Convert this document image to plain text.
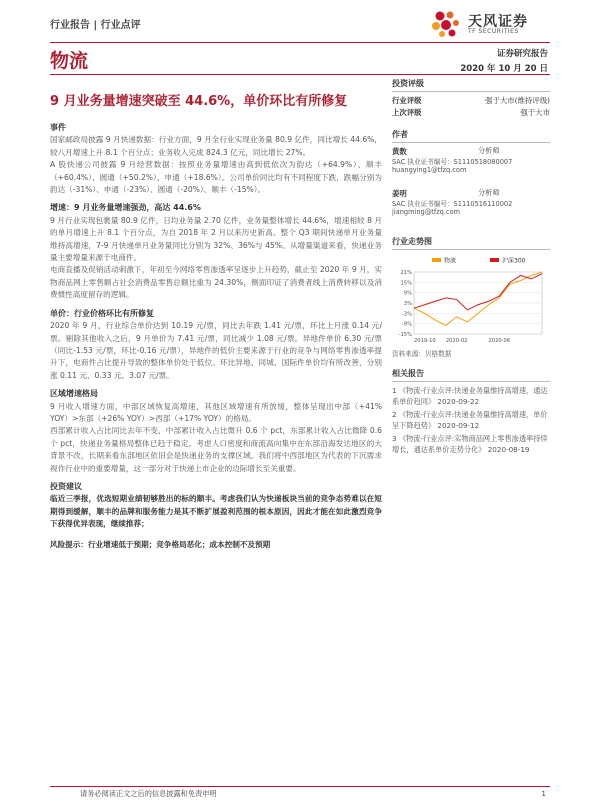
行业报告 | 行业点评	天风证券
TF SECURITIES
物流	证券研究报告
2020 年 10 月 20 日
9 月业务量增速突破至 44.6%，单价环比有所修复
事件

国家邮政局披露 9 月快递数据：行业方面，9 月全行业实现业务量 80.9 亿件，同比增长 44.6%，较八月增速上升 8.1 个百分点；业务收入完成 824.3 亿元，同比增长 27%。

A 股快递公司披露 9 月经营数据：按照业务量增速由高到低依次为韵达（+64.9%）、顺丰（+60.4%）、圆通（+50.2%）、申通（+18.6%）。公司单价同比均有不同程度下跌，跌幅分别为韵达（-31%）、申通（-23%）、圆通（-20%）、顺丰（-15%）。

增速：9 月业务量增速强劲，高达 44.6%

9 月行业实现包裹量 80.9 亿件，日均业务量 2.70 亿件，业务量整体增长 44.6%，增速相较 8 月的单月增速上升 8.1 个百分点，为自 2018 年 2 月以来历史新高。整个 Q3 期间快递单月业务量维持高增速，7-9 月快递单月业务量同比分别为 32%、36%与 45%。从增量渠道来看，快递业务量主要增量来源于电商件。

电商直播及促销活动刺激下，年初至今网络零售渗透率呈逐步上升趋势，截止至 2020 年 9 月，实物商品网上零售额占社会消费品零售总额比重为 24.30%，侧面印证了消费者线上消费转移以及消费惯性高度留存的逻辑。

单价：行业价格环比有所修复

2020 年 9 月，行业综合单价达到 10.19 元/票，同比去年跌 1.41 元/票，环比上月涨 0.14 元/票。剔除其他收入之后，9 月单价为 7.41 元/票，同比减少 1.08 元/票。异地件单价 6.30 元/票（同比-1.53 元/票，环比-0.16 元/票），异地件的低价主要来源于行业的竞争与网络零售渗透率提升下，电商件占比提升导致的整体单价处于低位。环比异地、同城、国际件单价均有所改善，分别涨 0.11 元、0.33 元、3.07 元/票。

区域增速格局

9 月收入增速方面，中部区域恢复高增速，其他区域增速有所放缓，整体呈现出中部（+41% YOY）>东部（+26% YOY）>西部（+17% YOY）的格局。

西部累计收入占比同比去年不变，中部累计收入占比微升 0.6 个 pct，东部累计收入占比微降 0.6 个 pct，快递业务量格局整体已趋于稳定。考虑人口密度和商流高向集中在东部沿海发达地区的大背景不改，长期来看东部地区依旧会是快递业务的支撑区域。我们将中西部地区为代表的下沉需求视作行业中的重要增量，这一部分对于快递上市企业的边际增长至关重要。

投资建议

临近三季报，优选短期业绩韧够胜出的标的顺丰。考虑我们认为快递板块当前的竞争态势难以在短期得到缓解，顺丰的品牌和服务能力是其不断扩展盈利范围的根本原因，因此才能在如此激烈竞争下获得优异表现，继续推荐；

风险提示：行业增速低于预期；竞争格局恶化；成本控制不及预期

投资评级
行业评级	强于大市(维持评级)
上次评级	强于大市
作者
黄数	分析师
SAC 执业证书编号：S1110518080007
huangying1@tfzq.com
姜明	分析师
SAC 执业证书编号：S1110516110002
jiangming@tfzq.com
行业走势图
21%
15%
9%
3%
-3%
-9%
-15%
2019-10 2020-02	2020-06
物流	沪深300
资料来源：贝格数据
相关报告
1 《物流-行业点评:快递业务量维持高增速，通达系单价趋同》 2020-09-22
2 《物流-行业点评:快递业务量维持高增速，单价呈下降趋势》 2020-09-12
3 《物流-行业点评:实物商品网上零售渗透率持续增长，通达系单价走势分化》 2020-08-19
请务必阅读正文之后的信息披露和免责申明	1
